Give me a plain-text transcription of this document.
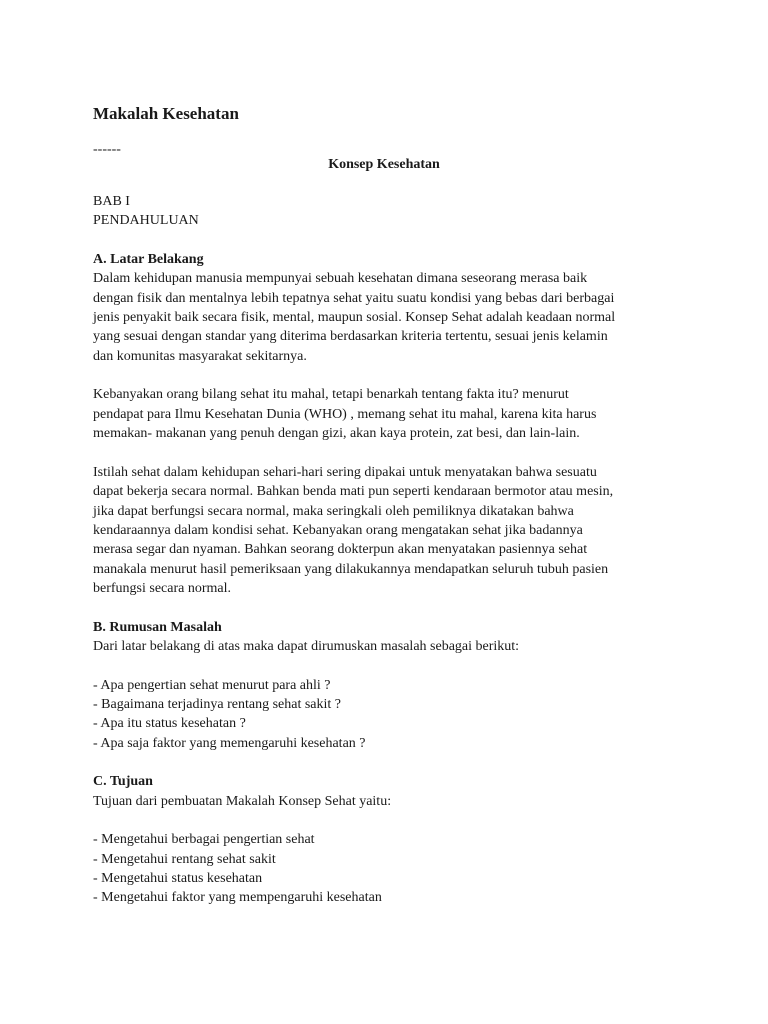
Makalah Kesehatan
------
Konsep Kesehatan
BAB I
PENDAHULUAN
A. Latar Belakang
Dalam kehidupan manusia mempunyai sebuah kesehatan dimana seseorang merasa baik
dengan fisik dan mentalnya lebih tepatnya sehat yaitu suatu kondisi yang bebas dari berbagai
jenis penyakit baik secara fisik, mental, maupun sosial. Konsep Sehat adalah keadaan normal
yang sesuai dengan standar yang diterima berdasarkan kriteria tertentu, sesuai jenis kelamin
dan komunitas masyarakat sekitarnya.
Kebanyakan orang bilang sehat itu mahal, tetapi benarkah tentang fakta itu? menurut
pendapat para Ilmu Kesehatan Dunia (WHO) , memang sehat itu mahal, karena kita harus
memakan- makanan yang penuh dengan gizi, akan kaya protein, zat besi, dan lain-lain.
Istilah sehat dalam kehidupan sehari-hari sering dipakai untuk menyatakan bahwa sesuatu
dapat bekerja secara normal. Bahkan benda mati pun seperti kendaraan bermotor atau mesin,
jika dapat berfungsi secara normal, maka seringkali oleh pemiliknya dikatakan bahwa
kendaraannya dalam kondisi sehat. Kebanyakan orang mengatakan sehat jika badannya
merasa segar dan nyaman. Bahkan seorang dokterpun akan menyatakan pasiennya sehat
manakala menurut hasil pemeriksaan yang dilakukannya mendapatkan seluruh tubuh pasien
berfungsi secara normal.
B. Rumusan Masalah
Dari latar belakang di atas maka dapat dirumuskan masalah sebagai berikut:
- Apa pengertian sehat menurut para ahli ?
- Bagaimana terjadinya rentang sehat sakit ?
- Apa itu status kesehatan ?
- Apa saja faktor yang memengaruhi kesehatan ?
C. Tujuan
Tujuan dari pembuatan Makalah Konsep Sehat yaitu:
- Mengetahui berbagai pengertian sehat
- Mengetahui rentang sehat sakit
- Mengetahui status kesehatan
- Mengetahui faktor yang mempengaruhi kesehatan
